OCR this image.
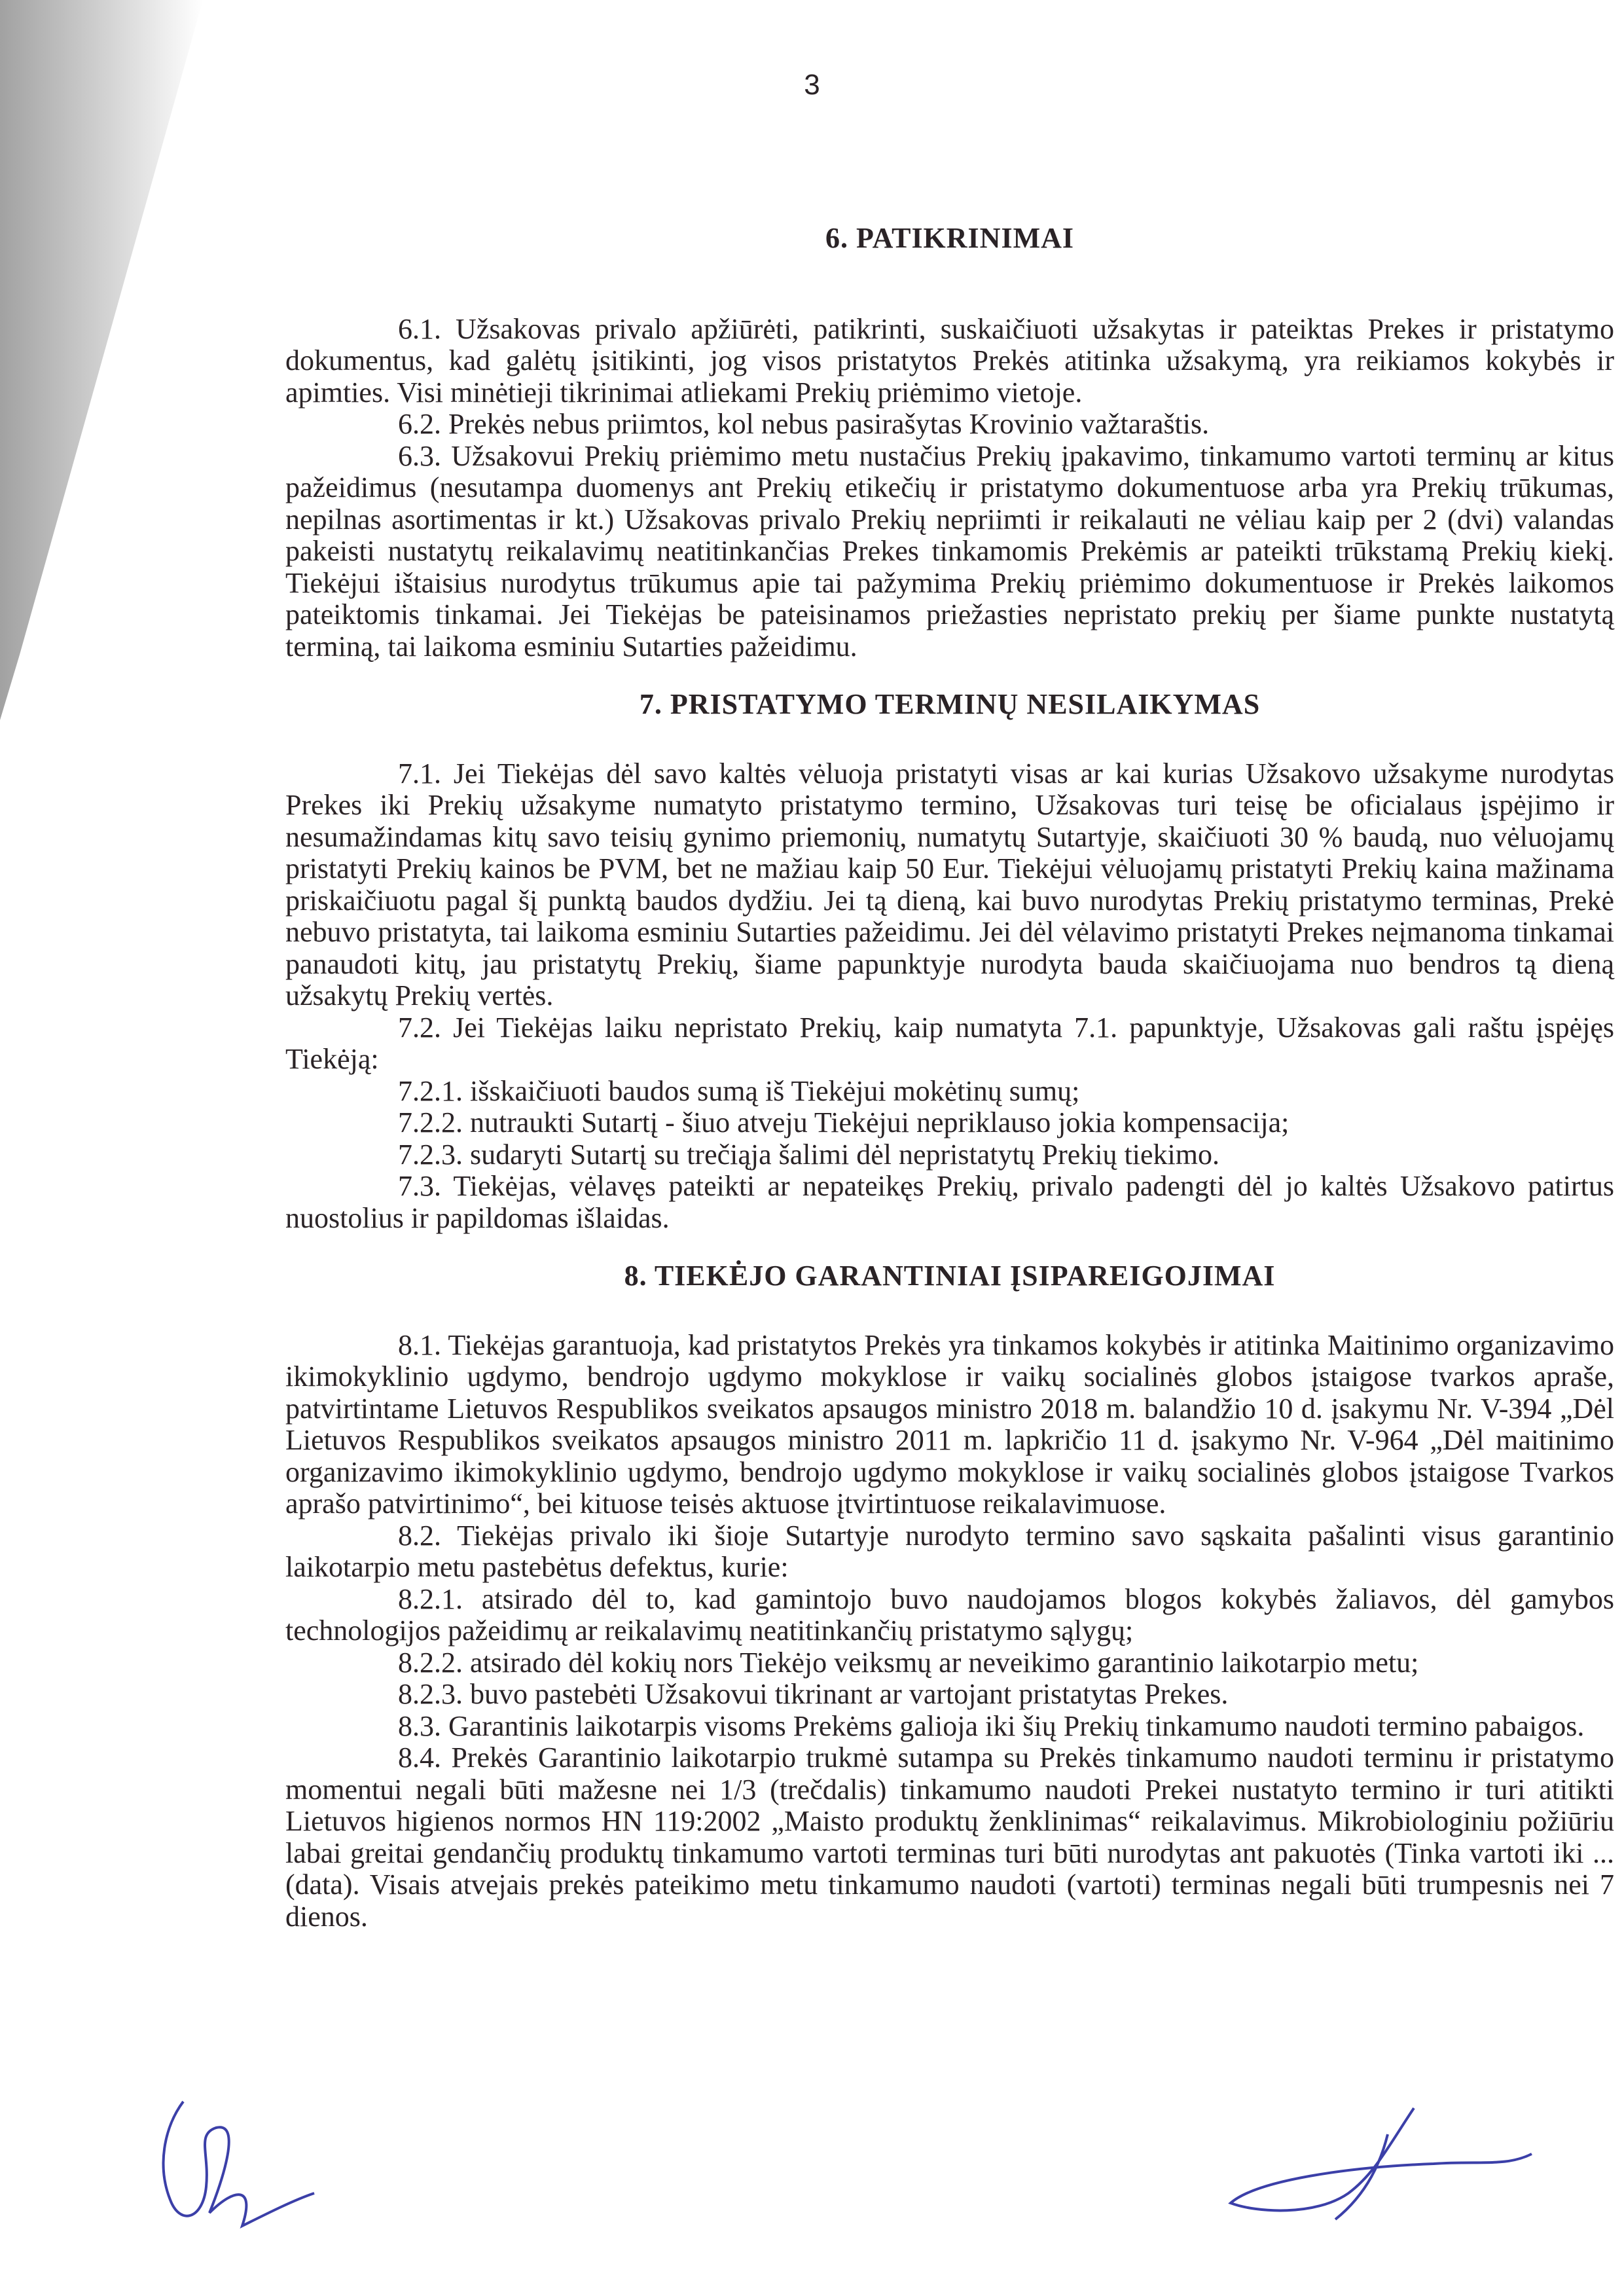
3
6. PATIKRINIMAI

6.1. Užsakovas privalo apžiūrėti, patikrinti, suskaičiuoti užsakytas ir pateiktas Prekes ir pristatymo dokumentus, kad galėtų įsitikinti, jog visos pristatytos Prekės atitinka užsakymą, yra reikiamos kokybės ir apimties. Visi minėtieji tikrinimai atliekami Prekių priėmimo vietoje.

6.2. Prekės nebus priimtos, kol nebus pasirašytas Krovinio važtaraštis.

6.3. Užsakovui Prekių priėmimo metu nustačius Prekių įpakavimo, tinkamumo vartoti terminų ar kitus pažeidimus (nesutampa duomenys ant Prekių etikečių ir pristatymo dokumentuose arba yra Prekių trūkumas, nepilnas asortimentas ir kt.) Užsakovas privalo Prekių nepriimti ir reikalauti ne vėliau kaip per 2 (dvi) valandas pakeisti nustatytų reikalavimų neatitinkančias Prekes tinkamomis Prekėmis ar pateikti trūkstamą Prekių kiekį. Tiekėjui ištaisius nurodytus trūkumus apie tai pažymima Prekių priėmimo dokumentuose ir Prekės laikomos pateiktomis tinkamai. Jei Tiekėjas be pateisinamos priežasties nepristato prekių per šiame punkte nustatytą terminą, tai laikoma esminiu Sutarties pažeidimu.

7. PRISTATYMO TERMINŲ NESILAIKYMAS

7.1. Jei Tiekėjas dėl savo kaltės vėluoja pristatyti visas ar kai kurias Užsakovo užsakyme nurodytas Prekes iki Prekių užsakyme numatyto pristatymo termino, Užsakovas turi teisę be oficialaus įspėjimo ir nesumažindamas kitų savo teisių gynimo priemonių, numatytų Sutartyje, skaičiuoti 30 % baudą, nuo vėluojamų pristatyti Prekių kainos be PVM, bet ne mažiau kaip 50 Eur. Tiekėjui vėluojamų pristatyti Prekių kaina mažinama priskaičiuotu pagal šį punktą baudos dydžiu. Jei tą dieną, kai buvo nurodytas Prekių pristatymo terminas, Prekė nebuvo pristatyta, tai laikoma esminiu Sutarties pažeidimu. Jei dėl vėlavimo pristatyti Prekes neįmanoma tinkamai panaudoti kitų, jau pristatytų Prekių, šiame papunktyje nurodyta bauda skaičiuojama nuo bendros tą dieną užsakytų Prekių vertės.

7.2. Jei Tiekėjas laiku nepristato Prekių, kaip numatyta 7.1. papunktyje, Užsakovas gali raštu įspėjęs Tiekėją:

7.2.1. išskaičiuoti baudos sumą iš Tiekėjui mokėtinų sumų;

7.2.2. nutraukti Sutartį - šiuo atveju Tiekėjui nepriklauso jokia kompensacija;

7.2.3. sudaryti Sutartį su trečiąja šalimi dėl nepristatytų Prekių tiekimo.

7.3. Tiekėjas, vėlavęs pateikti ar nepateikęs Prekių, privalo padengti dėl jo kaltės Užsakovo patirtus nuostolius ir papildomas išlaidas.

8. TIEKĖJO GARANTINIAI ĮSIPAREIGOJIMAI

8.1. Tiekėjas garantuoja, kad pristatytos Prekės yra tinkamos kokybės ir atitinka Maitinimo organizavimo ikimokyklinio ugdymo, bendrojo ugdymo mokyklose ir vaikų socialinės globos įstaigose tvarkos apraše, patvirtintame Lietuvos Respublikos sveikatos apsaugos ministro 2018 m. balandžio 10 d. įsakymu Nr. V-394 „Dėl Lietuvos Respublikos sveikatos apsaugos ministro 2011 m. lapkričio 11 d. įsakymo Nr. V-964 „Dėl maitinimo organizavimo ikimokyklinio ugdymo, bendrojo ugdymo mokyklose ir vaikų socialinės globos įstaigose Tvarkos aprašo patvirtinimo“, bei kituose teisės aktuose įtvirtintuose reikalavimuose.

8.2. Tiekėjas privalo iki šioje Sutartyje nurodyto termino savo sąskaita pašalinti visus garantinio laikotarpio metu pastebėtus defektus, kurie:

8.2.1. atsirado dėl to, kad gamintojo buvo naudojamos blogos kokybės žaliavos, dėl gamybos technologijos pažeidimų ar reikalavimų neatitinkančių pristatymo sąlygų;

8.2.2. atsirado dėl kokių nors Tiekėjo veiksmų ar neveikimo garantinio laikotarpio metu;

8.2.3. buvo pastebėti Užsakovui tikrinant ar vartojant pristatytas Prekes.

8.3. Garantinis laikotarpis visoms Prekėms galioja iki šių Prekių tinkamumo naudoti termino pabaigos.

8.4. Prekės Garantinio laikotarpio trukmė sutampa su Prekės tinkamumo naudoti terminu ir pristatymo momentui negali būti mažesne nei 1/3 (trečdalis) tinkamumo naudoti Prekei nustatyto termino ir turi atitikti Lietuvos higienos normos HN 119:2002 „Maisto produktų ženklinimas“ reikalavimus. Mikrobiologiniu požiūriu labai greitai gendančių produktų tinkamumo vartoti terminas turi būti nurodytas ant pakuotės (Tinka vartoti iki ... (data). Visais atvejais prekės pateikimo metu tinkamumo naudoti (vartoti) terminas negali būti trumpesnis nei 7 dienos.
